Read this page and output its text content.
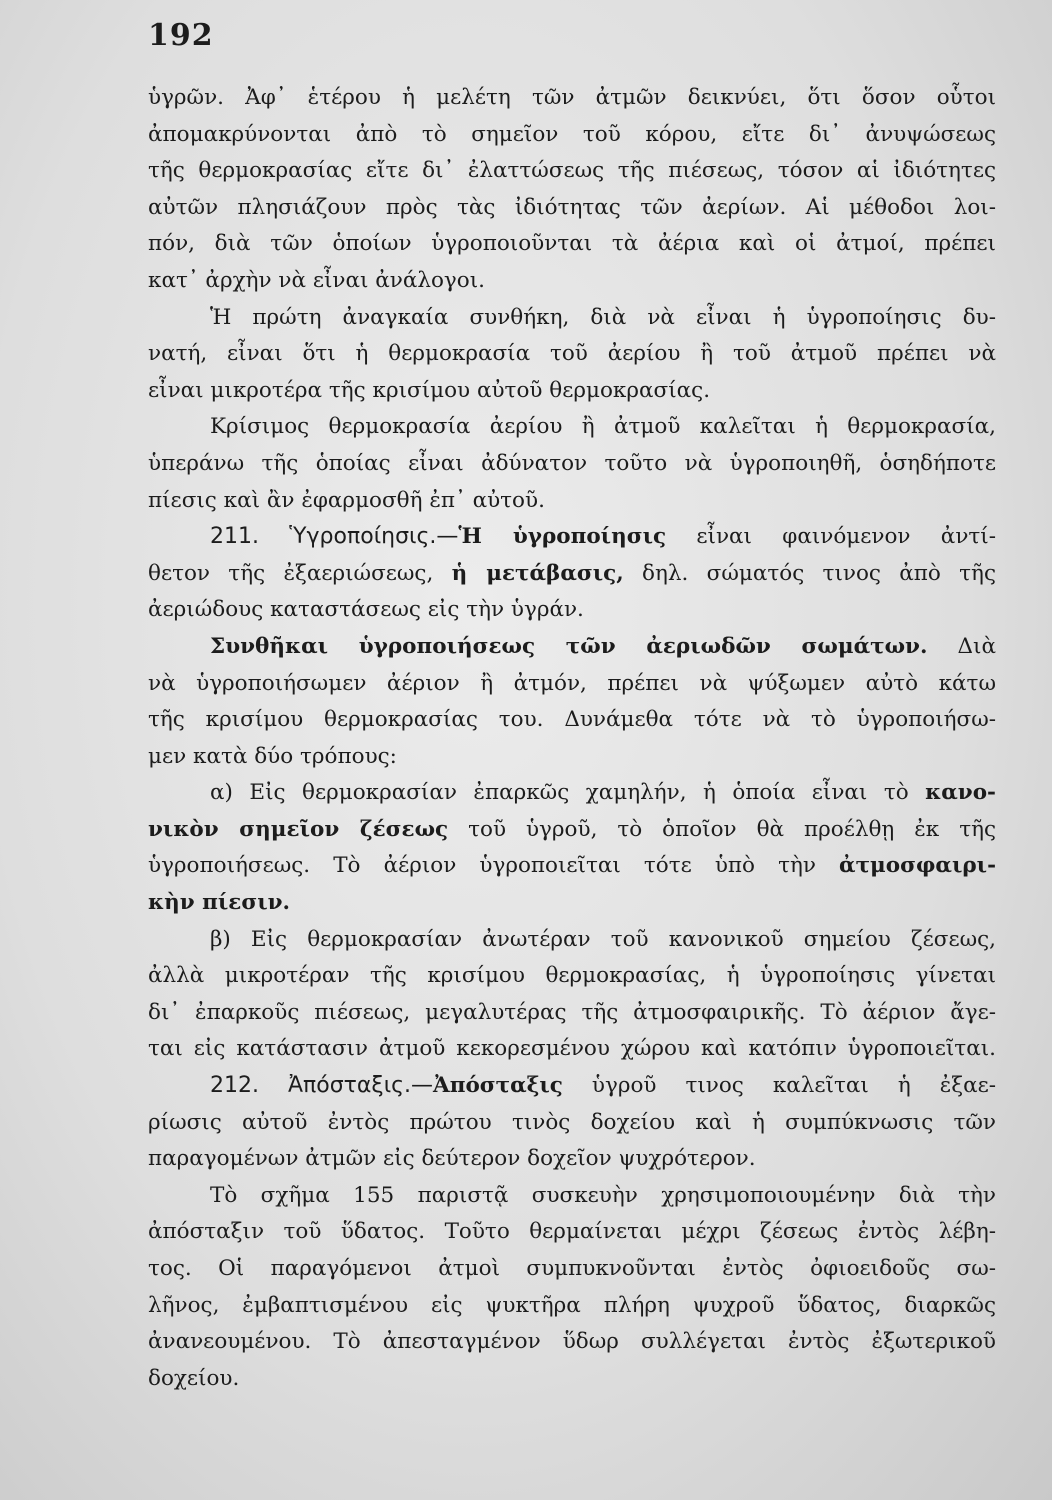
192
ὑγρῶν. Ἀφ᾽ ἑτέρου ἡ μελέτη τῶν ἀτμῶν δεικνύει, ὅτι ὅσον οὗτοι
ἀπομακρύνονται ἀπὸ τὸ σημεῖον τοῦ κόρου, εἴτε δι᾽ ἀνυψώσεως
τῆς θερμοκρασίας εἴτε δι᾽ ἐλαττώσεως τῆς πιέσεως, τόσον αἱ ἰδιότητες
αὐτῶν πλησιάζουν πρὸς τὰς ἰδιότητας τῶν ἀερίων. Αἱ μέθοδοι λοι-
πόν, διὰ τῶν ὁποίων ὑγροποιοῦνται τὰ ἀέρια καὶ οἱ ἀτμοί, πρέπει
κατ᾽ ἀρχὴν νὰ εἶναι ἀνάλογοι.
Ἡ πρώτη ἀναγκαία συνθήκη, διὰ νὰ εἶναι ἡ ὑγροποίησις δυ-
νατή, εἶναι ὅτι ἡ θερμοκρασία τοῦ ἀερίου ἢ τοῦ ἀτμοῦ πρέπει νὰ
εἶναι μικροτέρα τῆς κρισίμου αὐτοῦ θερμοκρασίας.
Κρίσιμος θερμοκρασία ἀερίου ἢ ἀτμοῦ καλεῖται ἡ θερμοκρασία,
ὑπεράνω τῆς ὁποίας εἶναι ἀδύνατον τοῦτο νὰ ὑγροποιηθῆ, ὁσηδήποτε
πίεσις καὶ ἂν ἐφαρμοσθῆ ἐπ᾽ αὐτοῦ.
211. Ὑγροποίησις.—Ἡ ὑγροποίησις εἶναι φαινόμενον ἀντί-
θετον τῆς ἐξαεριώσεως, ἡ μετάβασις, δηλ. σώματός τινος ἀπὸ τῆς
ἀεριώδους καταστάσεως εἰς τὴν ὑγράν.
Συνθῆκαι ὑγροποιήσεως τῶν ἀεριωδῶν σωμάτων. Διὰ
νὰ ὑγροποιήσωμεν ἀέριον ἢ ἀτμόν, πρέπει νὰ ψύξωμεν αὐτὸ κάτω
τῆς κρισίμου θερμοκρασίας του. Δυνάμεθα τότε νὰ τὸ ὑγροποιήσω-
μεν κατὰ δύο τρόπους:
α) Εἰς θερμοκρασίαν ἐπαρκῶς χαμηλήν, ἡ ὁποία εἶναι τὸ κανο-
νικὸν σημεῖον ζέσεως τοῦ ὑγροῦ, τὸ ὁποῖον θὰ προέλθῃ ἐκ τῆς
ὑγροποιήσεως. Τὸ ἀέριον ὑγροποιεῖται τότε ὑπὸ τὴν ἀτμοσφαιρι-
κὴν πίεσιν.
β) Εἰς θερμοκρασίαν ἀνωτέραν τοῦ κανονικοῦ σημείου ζέσεως,
ἀλλὰ μικροτέραν τῆς κρισίμου θερμοκρασίας, ἡ ὑγροποίησις γίνεται
δι᾽ ἐπαρκοῦς πιέσεως, μεγαλυτέρας τῆς ἀτμοσφαιρικῆς. Τὸ ἀέριον ἄγε-
ται εἰς κατάστασιν ἀτμοῦ κεκορεσμένου χώρου καὶ κατόπιν ὑγροποιεῖται.
212. Ἀπόσταξις.—Ἀπόσταξις ὑγροῦ τινος καλεῖται ἡ ἐξαε-
ρίωσις αὐτοῦ ἐντὸς πρώτου τινὸς δοχείου καὶ ἡ συμπύκνωσις τῶν
παραγομένων ἀτμῶν εἰς δεύτερον δοχεῖον ψυχρότερον.
Τὸ σχῆμα 155 παριστᾷ συσκευὴν χρησιμοποιουμένην διὰ τὴν
ἀπόσταξιν τοῦ ὕδατος. Τοῦτο θερμαίνεται μέχρι ζέσεως ἐντὸς λέβη-
τος. Οἱ παραγόμενοι ἀτμοὶ συμπυκνοῦνται ἐντὸς ὀφιοειδοῦς σω-
λῆνος, ἐμβαπτισμένου εἰς ψυκτῆρα πλήρη ψυχροῦ ὕδατος, διαρκῶς
ἀνανεουμένου. Τὸ ἀπεσταγμένον ὕδωρ συλλέγεται ἐντὸς ἐξωτερικοῦ
δοχείου.
